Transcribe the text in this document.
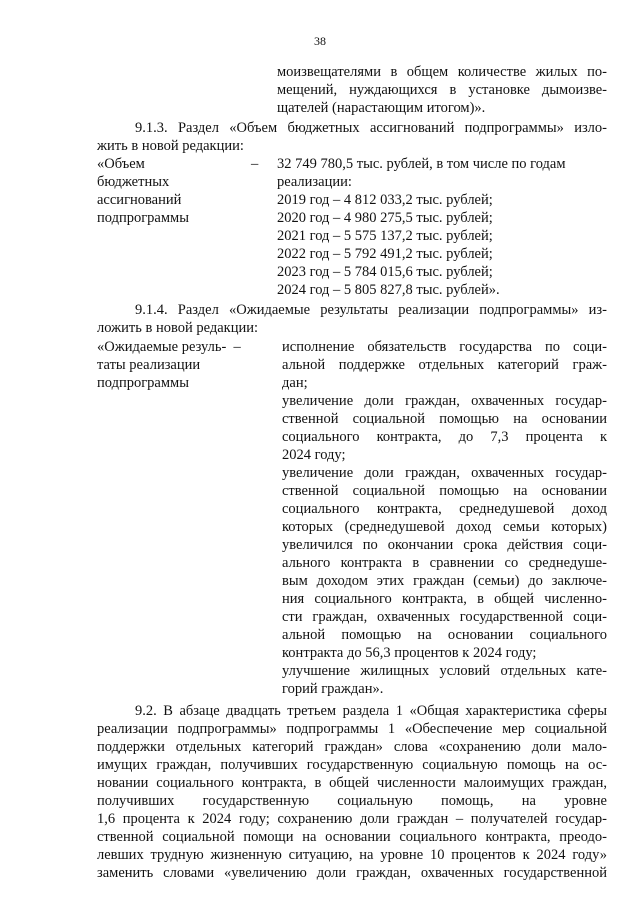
38
моизвещателями в общем количестве жилых по-
мещений, нуждающихся в установке дымоизве-
щателей (нарастающим итогом)».
9.1.3. Раздел «Объем бюджетных ассигнований подпрограммы» изло-
жить в новой редакции:
«Объем	–
бюджетных
ассигнований
подпрограммы
32 749 780,5 тыс. рублей, в том числе по годам
реализации:
2019 год – 4 812 033,2 тыс. рублей;
2020 год – 4 980 275,5 тыс. рублей;
2021 год – 5 575 137,2 тыс. рублей;
2022 год – 5 792 491,2 тыс. рублей;
2023 год – 5 784 015,6 тыс. рублей;
2024 год – 5 805 827,8 тыс. рублей».
9.1.4. Раздел «Ожидаемые результаты реализации подпрограммы» из-
ложить в новой редакции:
«Ожидаемые резуль-  –
таты реализации
подпрограммы
исполнение обязательств государства по соци-
альной поддержке отдельных категорий граж-
дан;
увеличение доли граждан, охваченных государ-
ственной социальной помощью на основании
социального контракта, до 7,3 процента к
2024 году;
увеличение доли граждан, охваченных государ-
ственной социальной помощью на основании
социального контракта, среднедушевой доход
которых (среднедушевой доход семьи которых)
увеличился по окончании срока действия соци-
ального контракта в сравнении со среднедуше-
вым доходом этих граждан (семьи) до заключе-
ния социального контракта, в общей численно-
сти граждан, охваченных государственной соци-
альной помощью на основании социального
контракта до 56,3 процентов к 2024 году;
улучшение жилищных условий отдельных кате-
горий граждан».
9.2. В абзаце двадцать третьем раздела 1 «Общая характеристика сферы
реализации подпрограммы» подпрограммы 1 «Обеспечение мер социальной
поддержки отдельных категорий граждан» слова «сохранению доли мало-
имущих граждан, получивших государственную социальную помощь на ос-
новании социального контракта, в общей численности малоимущих граждан,
получивших государственную социальную помощь, на уровне
1,6 процента к 2024 году; сохранению доли граждан – получателей государ-
ственной социальной помощи на основании социального контракта, преодо-
левших трудную жизненную ситуацию, на уровне 10 процентов к 2024 году»
заменить словами «увеличению доли граждан, охваченных государственной
